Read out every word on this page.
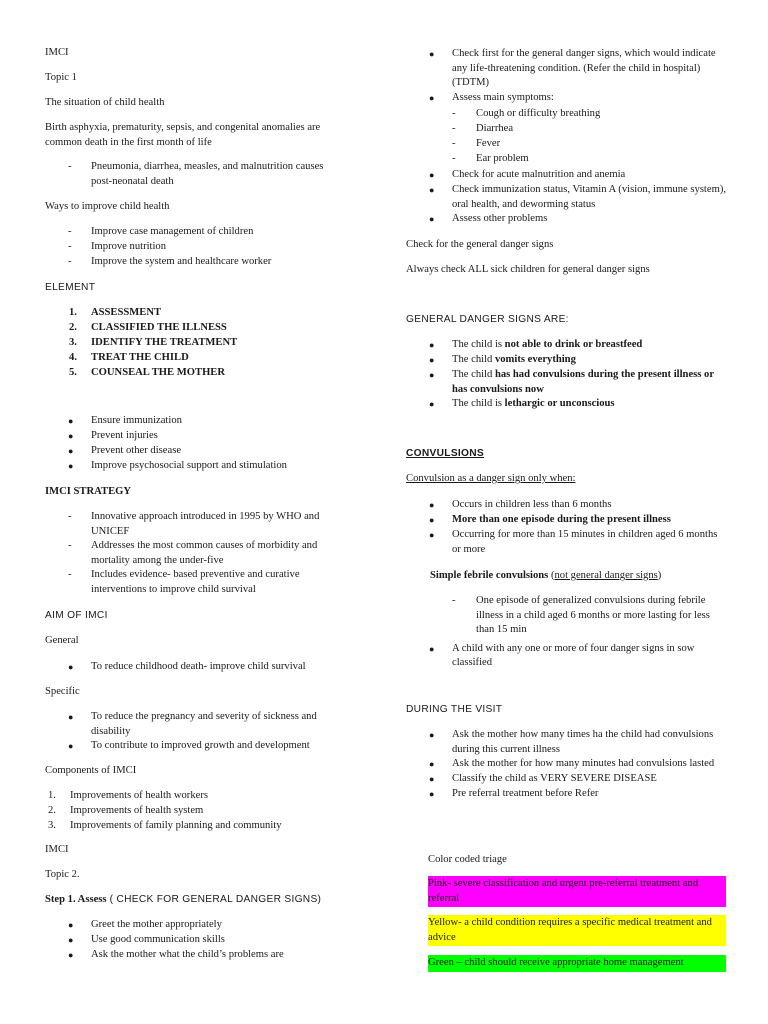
IMCI
Topic 1
The situation of child health
Birth asphyxia, prematurity, sepsis, and congenital anomalies are common death in the first month of life
- Pneumonia, diarrhea, measles, and malnutrition causes post-neonatal death
Ways to improve child health
- Improve case management of children
- Improve nutrition
- Improve the system and healthcare worker
ELEMENT
1. ASSESSMENT
2. CLASSIFIED THE ILLNESS
3. IDENTIFY THE TREATMENT
4. TREAT THE CHILD
5. COUNSEAL THE MOTHER
● Ensure immunization
● Prevent injuries
● Prevent other disease
● Improve psychosocial support and stimulation
IMCI STRATEGY
- Innovative approach introduced in 1995 by WHO and UNICEF
- Addresses the most common causes of morbidity and mortality among the under-five
- Includes evidence- based preventive and curative interventions to improve child survival
AIM OF IMCI
General
● To reduce childhood death- improve child survival
Specific
● To reduce the pregnancy and severity of sickness and disability
● To contribute to improved growth and development
Components of IMCI
1. Improvements of health workers
2. Improvements of health system
3. Improvements of family planning and community
IMCI
Topic 2.
Step 1. Assess ( CHECK FOR GENERAL DANGER SIGNS)
● Greet the mother appropriately
● Use good communication skills
● Ask the mother what the child’s problems are
● Check first for the general danger signs, which would indicate any life-threatening condition. (Refer the child in hospital) (TDTM)
● Assess main symptoms:
- Cough or difficulty breathing
- Diarrhea
- Fever
- Ear problem
● Check for acute malnutrition and anemia
● Check immunization status, Vitamin A (vision, immune system), oral health, and deworming status
● Assess other problems
Check for the general danger signs
Always check ALL sick children for general danger signs
GENERAL DANGER SIGNS ARE:
● The child is not able to drink or breastfeed
● The child vomits everything
● The child has had convulsions during the present illness or has convulsions now
● The child is lethargic or unconscious
CONVULSIONS
Convulsion as a danger sign only when:
● Occurs in children less than 6 months
● More than one episode during the present illness
● Occurring for more than 15 minutes in children aged 6 months or more
Simple febrile convulsions (not general danger signs)
- One episode of generalized convulsions during febrile illness in a child aged 6 months or more lasting for less than 15 min
● A child with any one or more of four danger signs in sow classified
DURING THE VISIT
● Ask the mother how many times ha the child had convulsions during this current illness
● Ask the mother for how many minutes had convulsions lasted
● Classify the child as VERY SEVERE DISEASE
● Pre referral treatment before Refer
Color coded triage
Pink- severe classification and urgent pre-referral treatment and referral
Yellow- a child condition requires a specific medical treatment and advice
Green – child should receive appropriate home management
